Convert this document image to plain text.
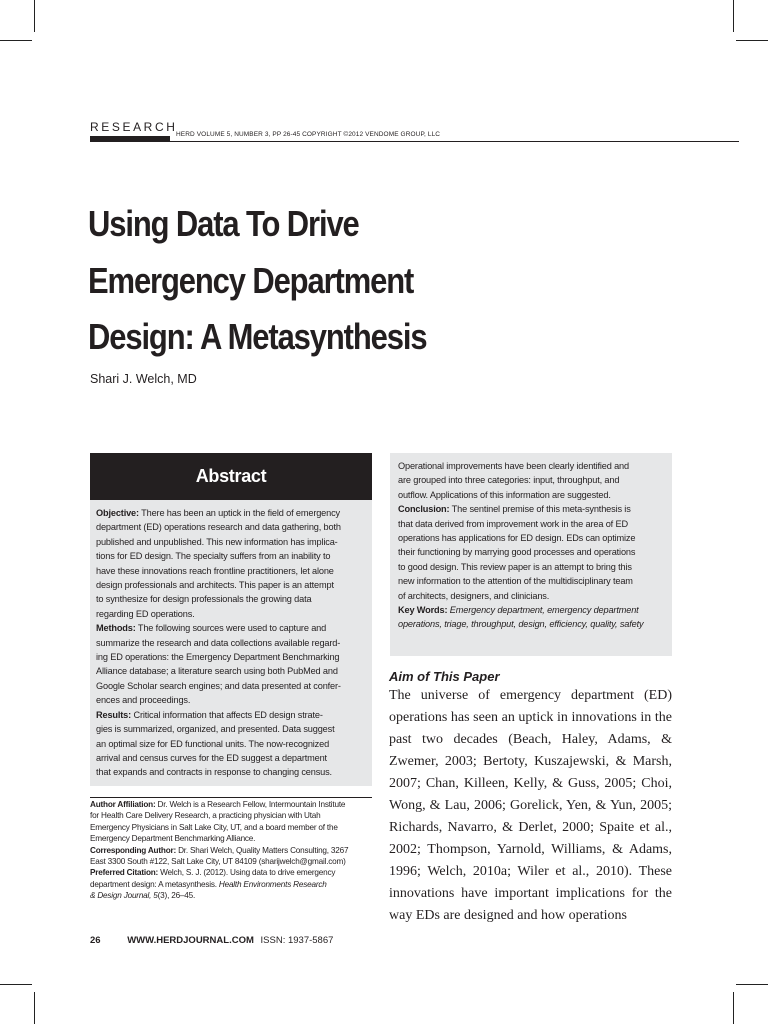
RESEARCH
HERD VOLUME 5, NUMBER 3, PP 26-45 COPYRIGHT ©2012 VENDOME GROUP, LLC
Using Data To Drive
Emergency Department
Design: A Metasynthesis
Shari J. Welch, MD
Abstract
Objective: There has been an uptick in the field of emergency
department (ED) operations research and data gathering, both
published and unpublished. This new information has implica-
tions for ED design. The specialty suffers from an inability to
have these innovations reach frontline practitioners, let alone
design professionals and architects. This paper is an attempt
to synthesize for design professionals the growing data
regarding ED operations.
Methods: The following sources were used to capture and
summarize the research and data collections available regard-
ing ED operations: the Emergency Department Benchmarking
Alliance database; a literature search using both PubMed and
Google Scholar search engines; and data presented at confer-
ences and proceedings.
Results: Critical information that affects ED design strate-
gies is summarized, organized, and presented. Data suggest
an optimal size for ED functional units. The now-recognized
arrival and census curves for the ED suggest a department
that expands and contracts in response to changing census.
Operational improvements have been clearly identified and
are grouped into three categories: input, throughput, and
outflow. Applications of this information are suggested.
Conclusion: The sentinel premise of this meta-synthesis is
that data derived from improvement work in the area of ED
operations has applications for ED design. EDs can optimize
their functioning by marrying good processes and operations
to good design. This review paper is an attempt to bring this
new information to the attention of the multidisciplinary team
of architects, designers, and clinicians.
Key Words: Emergency department, emergency department
operations, triage, throughput, design, efficiency, quality, safety
Author Affiliation: Dr. Welch is a Research Fellow, Intermountain Institute
for Health Care Delivery Research, a practicing physician with Utah
Emergency Physicians in Salt Lake City, UT, and a board member of the
Emergency Department Benchmarking Alliance.
Corresponding Author: Dr. Shari Welch, Quality Matters Consulting, 3267
East 3300 South #122, Salt Lake City, UT 84109 (sharijwelch@gmail.com)
Preferred Citation: Welch, S. J. (2012). Using data to drive emergency
department design: A metasynthesis. Health Environments Research
& Design Journal, 5(3), 26–45.
Aim of This Paper

The universe of emergency department (ED) operations has seen an uptick in innovations in the past two decades (Beach, Haley, Adams, & Zwemer, 2003; Bertoty, Kuszajewski, & Marsh, 2007; Chan, Killeen, Kelly, & Guss, 2005; Choi, Wong, & Lau, 2006; Gorelick, Yen, & Yun, 2005; Richards, Navarro, & Derlet, 2000; Spaite et al., 2002; Thompson, Yarnold, Williams, & Adams, 1996; Welch, 2010a; Wiler et al., 2010). These innovations have important implications for the way EDs are designed and how operations

26	WWW.HERDJOURNAL.COM ISSN: 1937-5867
